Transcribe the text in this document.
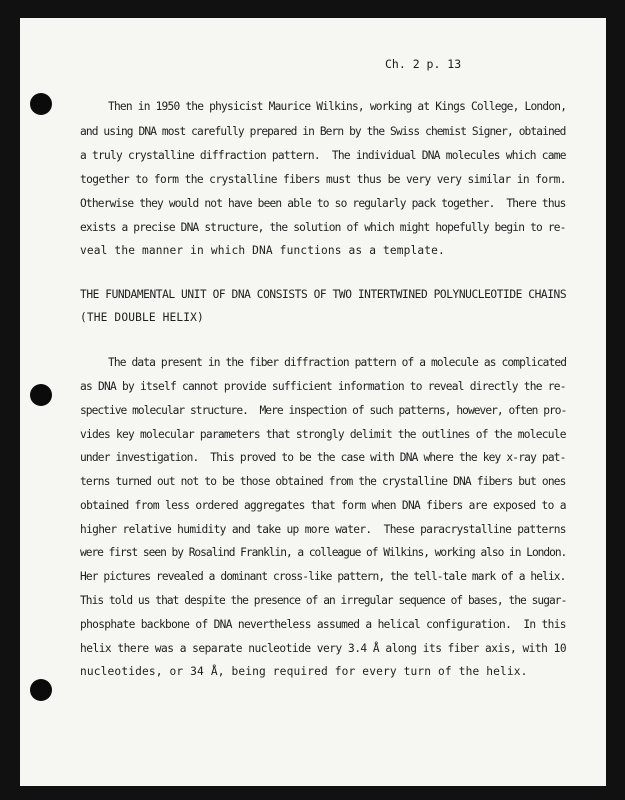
Ch. 2 p. 13
Then in 1950 the physicist Maurice Wilkins, working at Kings College, London,
and using DNA most carefully prepared in Bern by the Swiss chemist Signer, obtained
a truly crystalline diffraction pattern.  The individual DNA molecules which came
together to form the crystalline fibers must thus be very very similar in form.
Otherwise they would not have been able to so regularly pack together.  There thus
exists a precise DNA structure, the solution of which might hopefully begin to re-
veal the manner in which DNA functions as a template.
THE FUNDAMENTAL UNIT OF DNA CONSISTS OF TWO INTERTWINED POLYNUCLEOTIDE CHAINS
(THE DOUBLE HELIX)
The data present in the fiber diffraction pattern of a molecule as complicated
as DNA by itself cannot provide sufficient information to reveal directly the re-
spective molecular structure.  Mere inspection of such patterns, however, often pro-
vides key molecular parameters that strongly delimit the outlines of the molecule
under investigation.  This proved to be the case with DNA where the key x-ray pat-
terns turned out not to be those obtained from the crystalline DNA fibers but ones
obtained from less ordered aggregates that form when DNA fibers are exposed to a
higher relative humidity and take up more water.  These paracrystalline patterns
were first seen by Rosalind Franklin, a colleague of Wilkins, working also in London.
Her pictures revealed a dominant cross-like pattern, the tell-tale mark of a helix.
This told us that despite the presence of an irregular sequence of bases, the sugar-
phosphate backbone of DNA nevertheless assumed a helical configuration.  In this
helix there was a separate nucleotide very 3.4 Å along its fiber axis, with 10
nucleotides, or 34 Å, being required for every turn of the helix.
